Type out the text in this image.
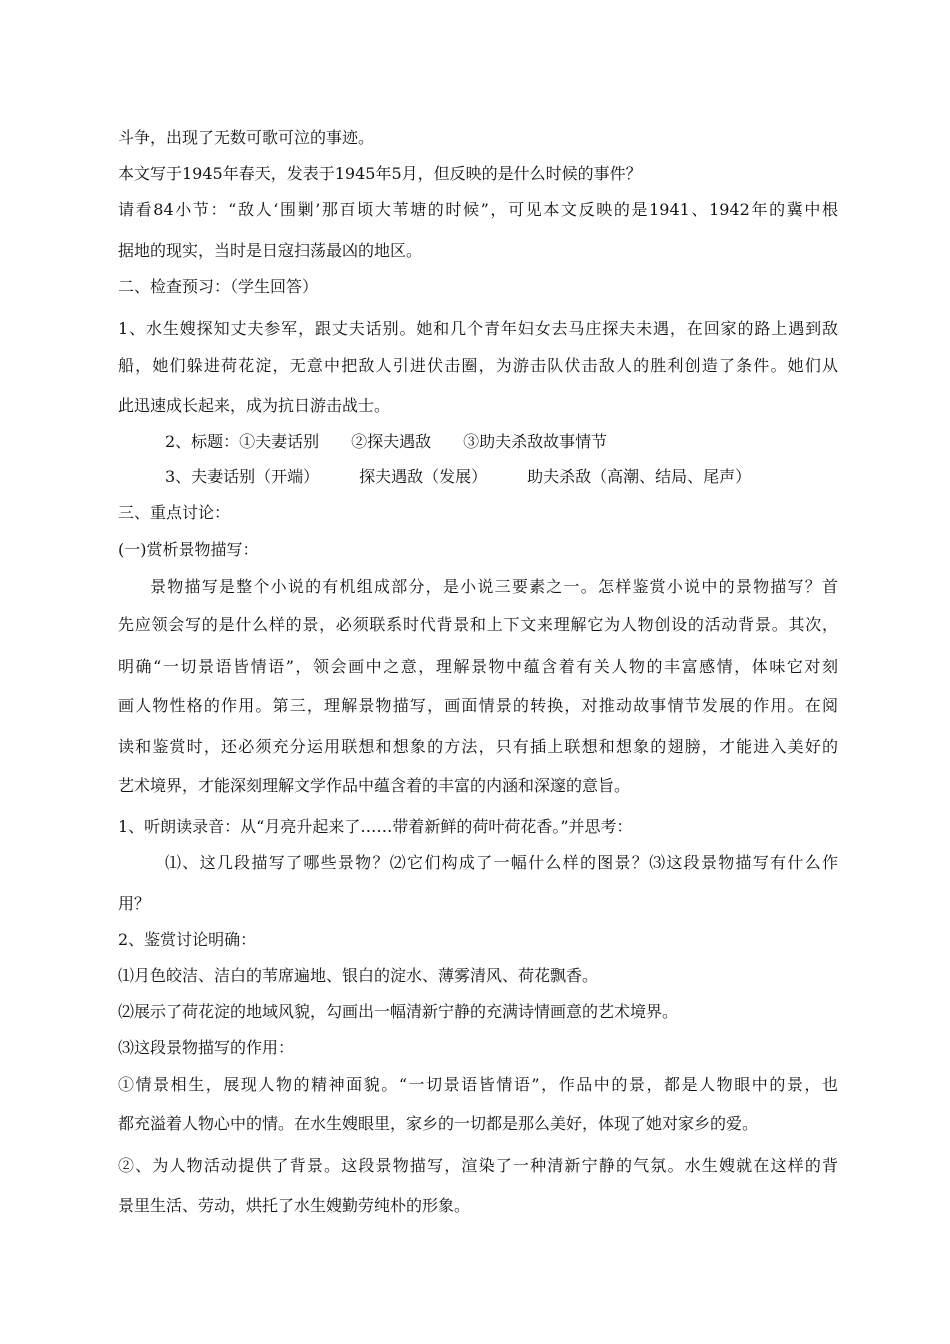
斗争，出现了无数可歌可泣的事迹。
本文写于1945年春天，发表于1945年5月，但反映的是什么时候的事件？
请看84小节：“敌人‘围剿’那百顷大苇塘的时候”，可见本文反映的是1941、1942年的冀中根
据地的现实，当时是日寇扫荡最凶的地区。
二、检查预习：（学生回答）
1、水生嫂探知丈夫参军，跟丈夫话别。她和几个青年妇女去马庄探夫未遇，在回家的路上遇到敌
船，她们躲进荷花淀，无意中把敌人引进伏击圈，为游击队伏击敌人的胜利创造了条件。她们从
此迅速成长起来，成为抗日游击战士。
2、标题：①夫妻话别　　②探夫遇敌　　③助夫杀敌故事情节
3、夫妻话别（开端）　　　探夫遇敌（发展）　　　助夫杀敌（高潮、结局、尾声）
三、重点讨论：
(一)赏析景物描写：
景物描写是整个小说的有机组成部分，是小说三要素之一。怎样鉴赏小说中的景物描写？首
先应领会写的是什么样的景，必须联系时代背景和上下文来理解它为人物创设的活动背景。其次，
明确“一切景语皆情语”，领会画中之意，理解景物中蕴含着有关人物的丰富感情，体味它对刻
画人物性格的作用。第三，理解景物描写，画面情景的转换，对推动故事情节发展的作用。在阅
读和鉴赏时，还必须充分运用联想和想象的方法，只有插上联想和想象的翅膀，才能进入美好的
艺术境界，才能深刻理解文学作品中蕴含着的丰富的内涵和深邃的意旨。
1、听朗读录音：从“月亮升起来了……带着新鲜的荷叶荷花香。”并思考：
⑴、这几段描写了哪些景物？⑵它们构成了一幅什么样的图景？⑶这段景物描写有什么作
用？
2、鉴赏讨论明确：
⑴月色皎洁、洁白的苇席遍地、银白的淀水、薄雾清风、荷花飘香。
⑵展示了荷花淀的地域风貌，勾画出一幅清新宁静的充满诗情画意的艺术境界。
⑶这段景物描写的作用：
①情景相生，展现人物的精神面貌。“一切景语皆情语”，作品中的景，都是人物眼中的景，也
都充溢着人物心中的情。在水生嫂眼里，家乡的一切都是那么美好，体现了她对家乡的爱。
②、为人物活动提供了背景。这段景物描写，渲染了一种清新宁静的气氛。水生嫂就在这样的背
景里生活、劳动，烘托了水生嫂勤劳纯朴的形象。
